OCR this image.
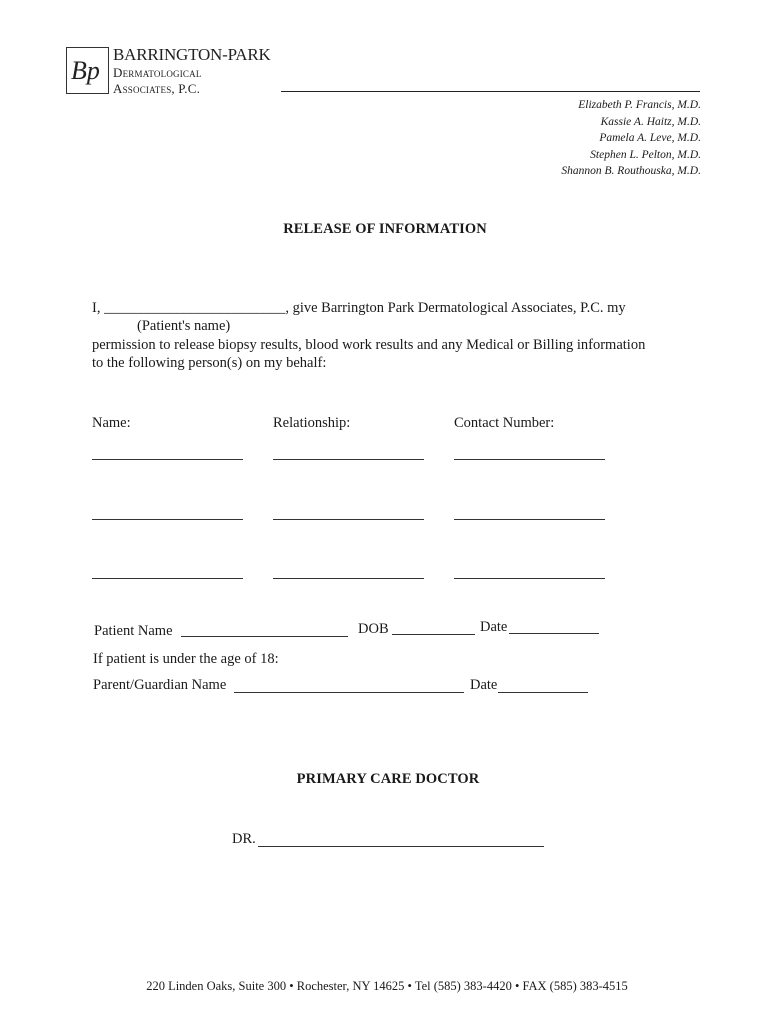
Bp
BARRINGTON-PARK
Dermatological
Associates, P.C.
Elizabeth P. Francis, M.D.
Kassie A. Haitz, M.D.
Pamela A. Leve, M.D.
Stephen L. Pelton, M.D.
Shannon B. Routhouska, M.D.
RELEASE OF INFORMATION
I, _________________________, give Barrington Park Dermatological Associates, P.C. my
(Patient's name)
permission to release biopsy results, blood work results and any Medical or Billing information
to the following person(s) on my behalf:
Name:	Relationship:	Contact Number:
Patient Name	DOB	Date
If patient is under the age of 18:
Parent/Guardian Name	Date
PRIMARY CARE DOCTOR
DR.
220 Linden Oaks, Suite 300 • Rochester, NY 14625 • Tel (585) 383-4420 • FAX (585) 383-4515
